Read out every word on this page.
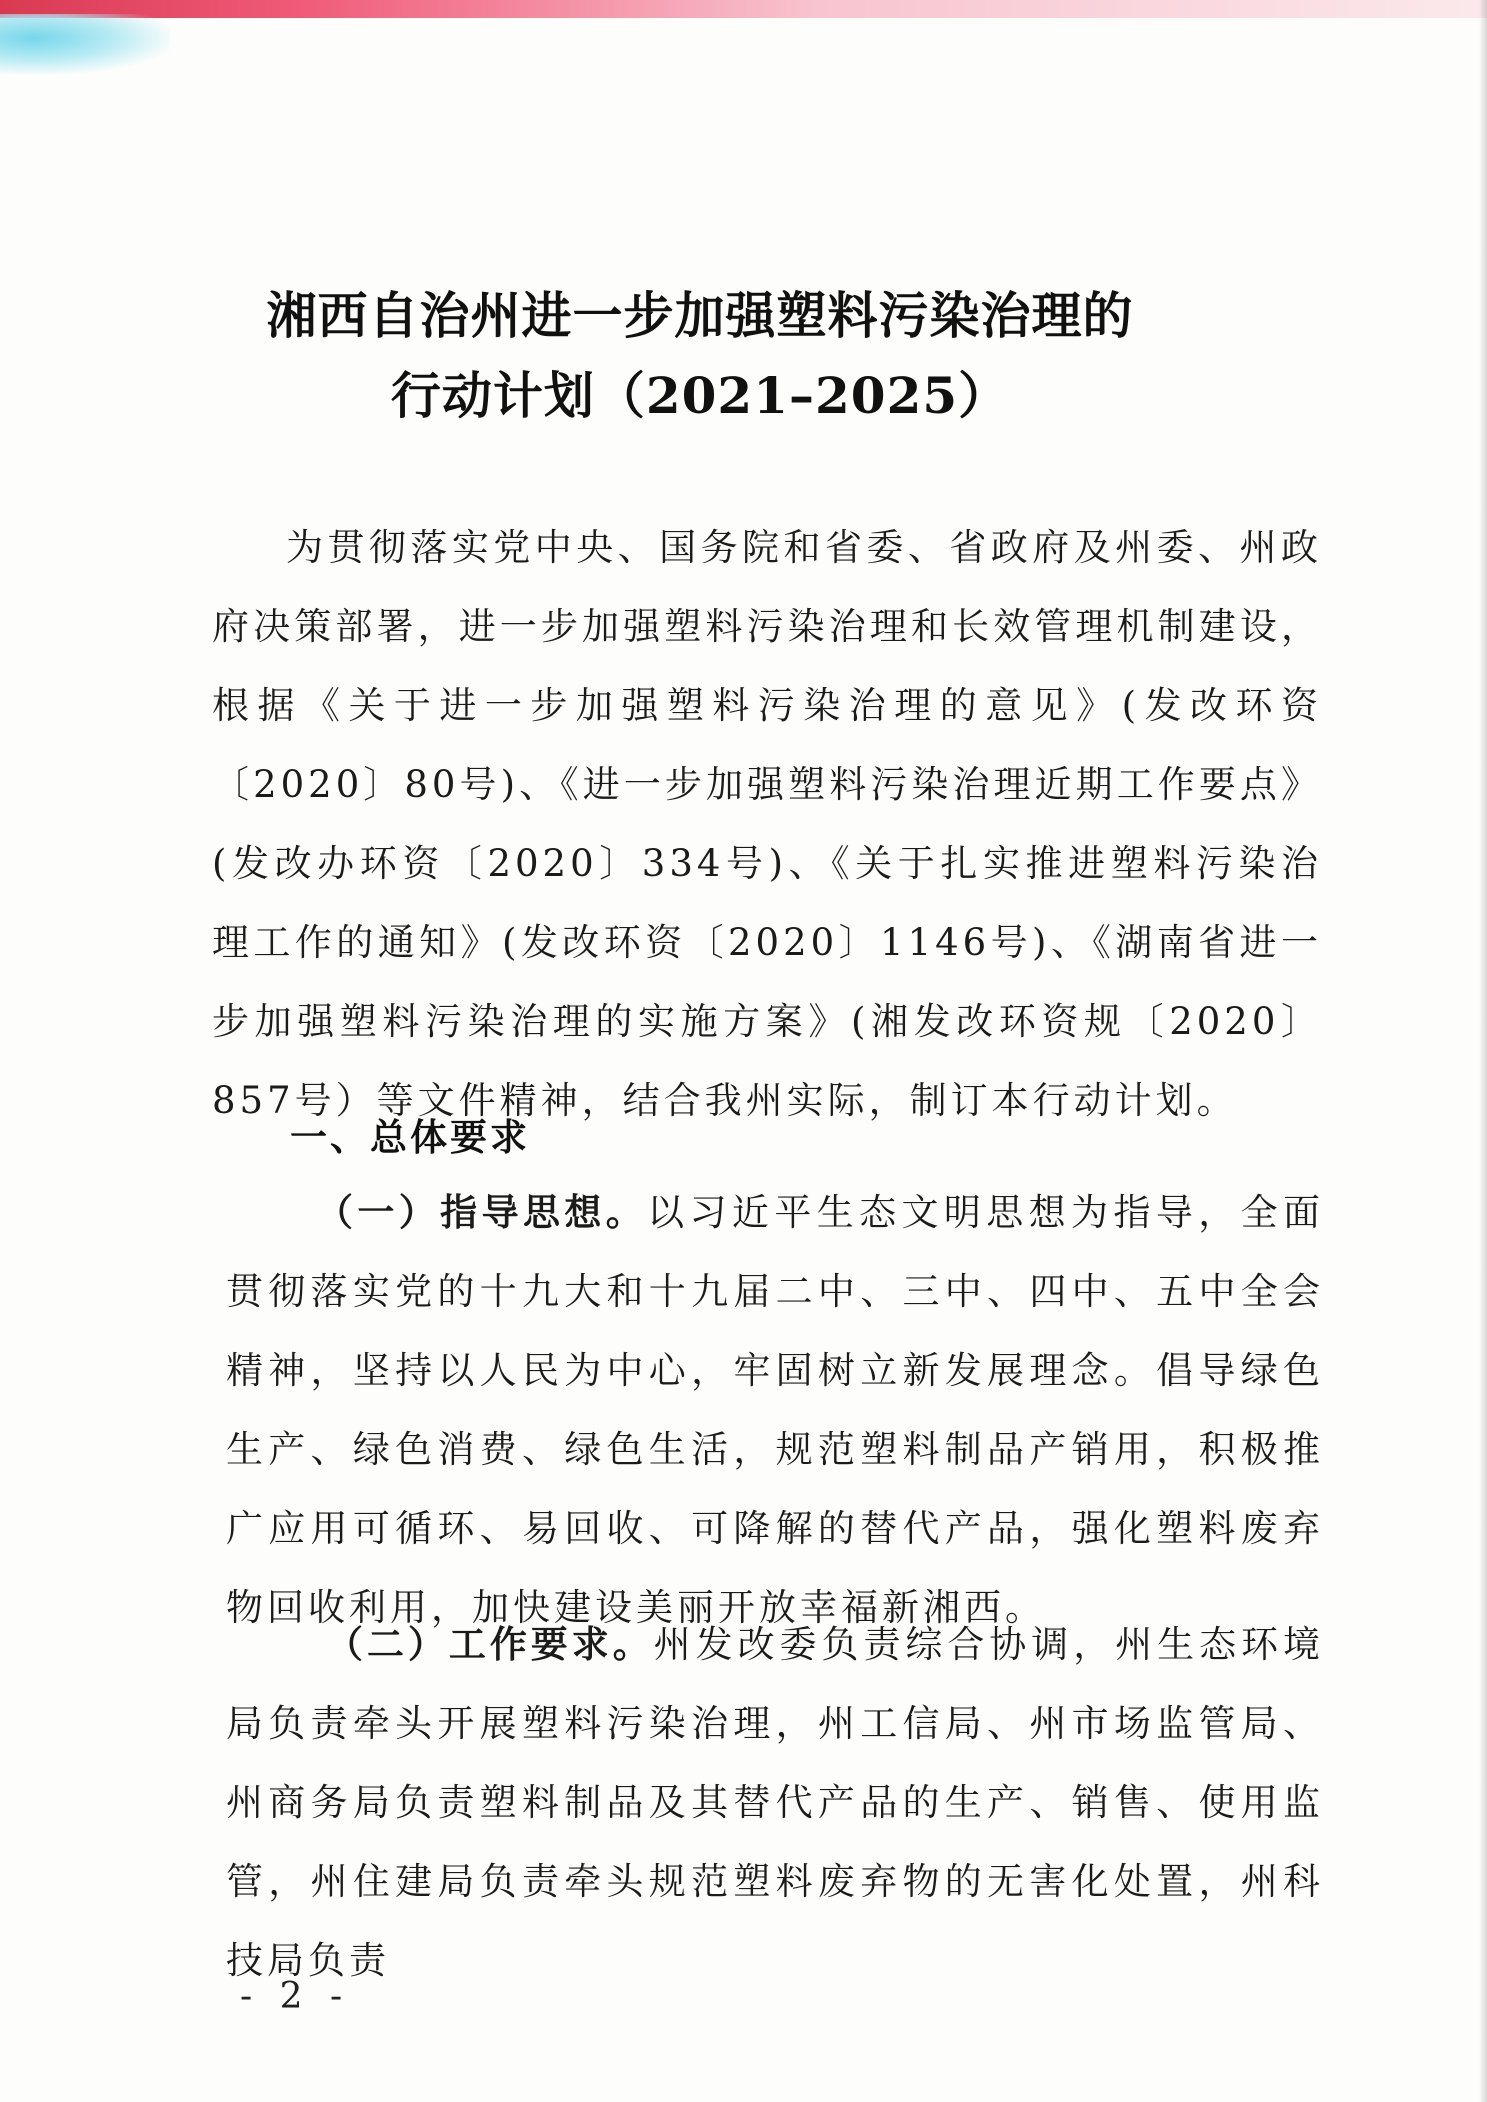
湘西自治州进一步加强塑料污染治理的
行动计划（2021–2025）
为贯彻落实党中央、国务院和省委、省政府及州委、州政府决策部署，进一步加强塑料污染治理和长效管理机制建设，根据《关于进一步加强塑料污染治理的意见》(发改环资〔2020〕80号)、《进一步加强塑料污染治理近期工作要点》(发改办环资〔2020〕334号)、《关于扎实推进塑料污染治理工作的通知》(发改环资〔2020〕1146号)、《湖南省进一步加强塑料污染治理的实施方案》(湘发改环资规〔2020〕857号）等文件精神，结合我州实际，制订本行动计划。
一、总体要求
（一）指导思想。以习近平生态文明思想为指导，全面贯彻落实党的十九大和十九届二中、三中、四中、五中全会精神，坚持以人民为中心，牢固树立新发展理念。倡导绿色生产、绿色消费、绿色生活，规范塑料制品产销用，积极推广应用可循环、易回收、可降解的替代产品，强化塑料废弃物回收利用，加快建设美丽开放幸福新湘西。
（二）工作要求。州发改委负责综合协调，州生态环境局负责牵头开展塑料污染治理，州工信局、州市场监管局、州商务局负责塑料制品及其替代产品的生产、销售、使用监管，州住建局负责牵头规范塑料废弃物的无害化处置，州科技局负责
- 2 -
